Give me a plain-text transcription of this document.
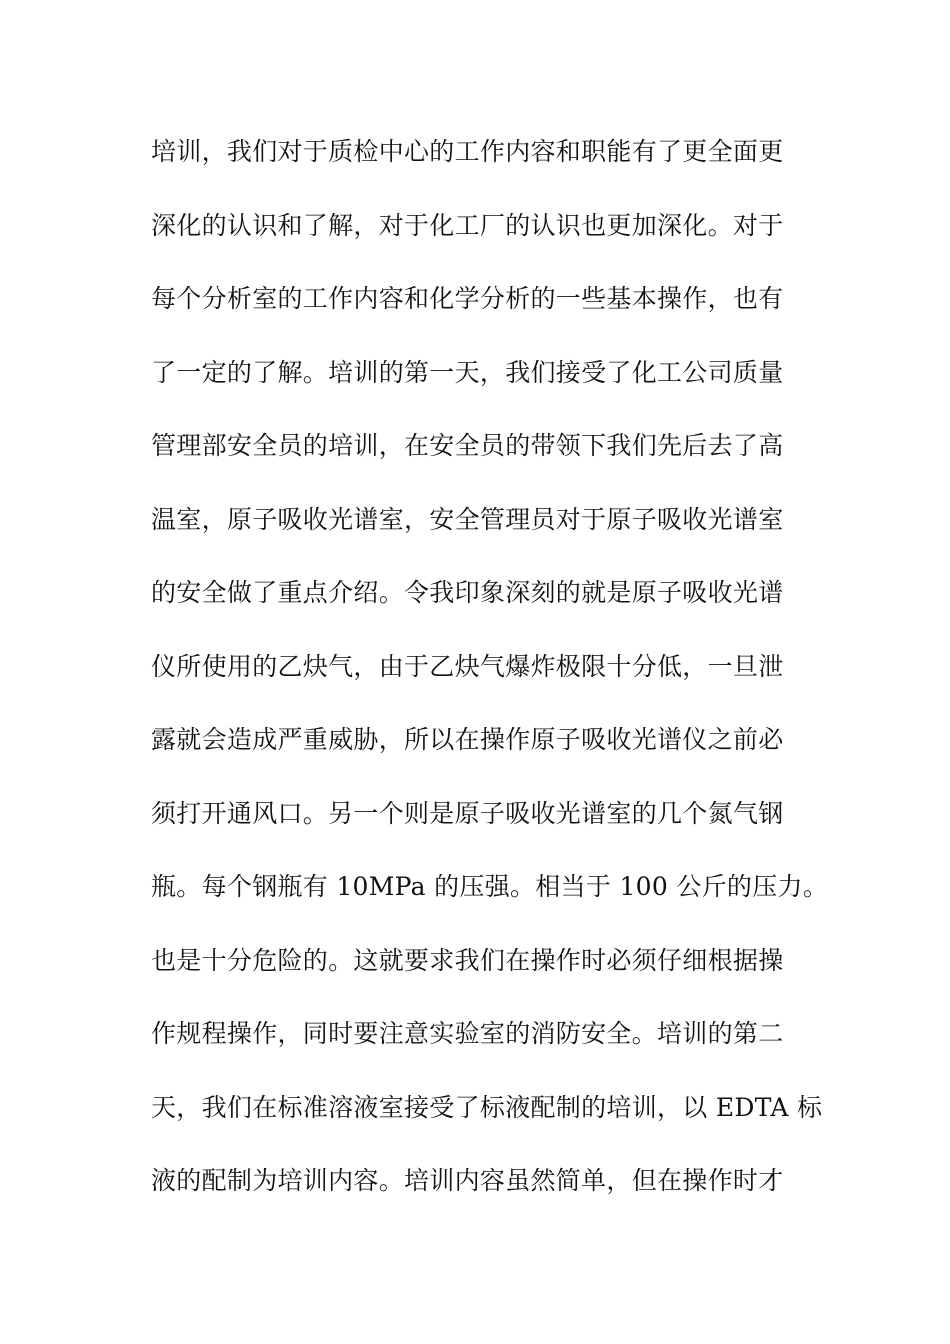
培训，我们对于质检中心的工作内容和职能有了更全面更
深化的认识和了解，对于化工厂的认识也更加深化。对于
每个分析室的工作内容和化学分析的一些基本操作，也有
了一定的了解。培训的第一天，我们接受了化工公司质量
管理部安全员的培训，在安全员的带领下我们先后去了高
温室，原子吸收光谱室，安全管理员对于原子吸收光谱室
的安全做了重点介绍。令我印象深刻的就是原子吸收光谱
仪所使用的乙炔气，由于乙炔气爆炸极限十分低，一旦泄
露就会造成严重威胁，所以在操作原子吸收光谱仪之前必
须打开通风口。另一个则是原子吸收光谱室的几个氮气钢
瓶。每个钢瓶有 10MPa 的压强。相当于 100 公斤的压力。
也是十分危险的。这就要求我们在操作时必须仔细根据操
作规程操作，同时要注意实验室的消防安全。培训的第二
天，我们在标准溶液室接受了标液配制的培训，以 EDTA 标
液的配制为培训内容。培训内容虽然简单，但在操作时才
